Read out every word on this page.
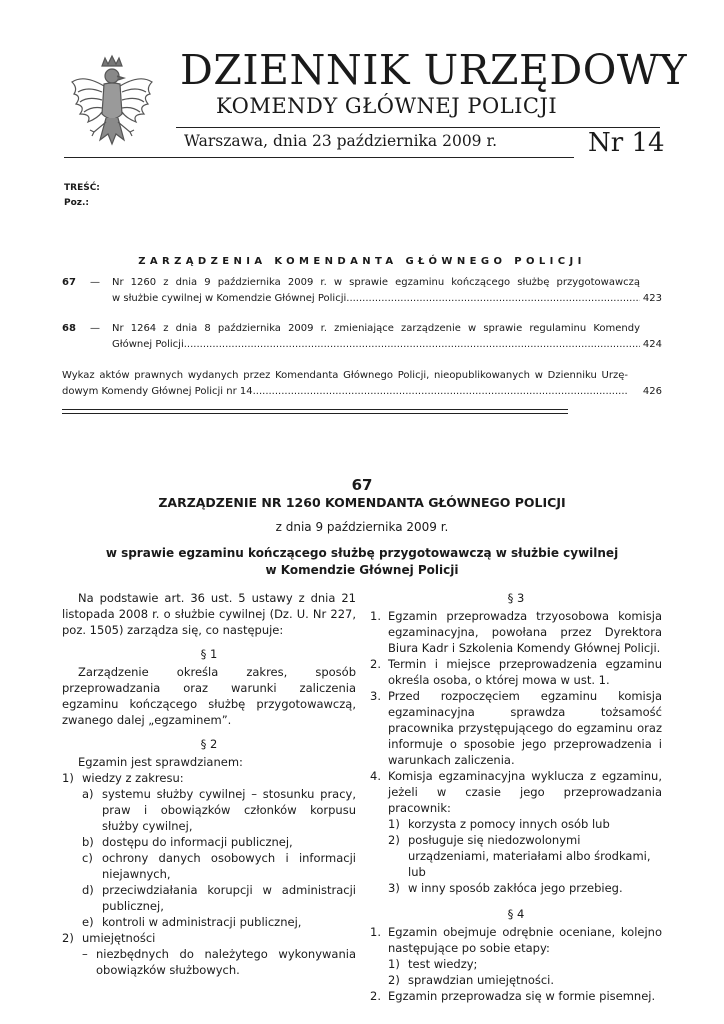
DZIENNIK URZĘDOWY
KOMENDY GŁÓWNEJ POLICJI
Warszawa, dnia 23 października 2009 r.	Nr 14
TREŚĆ:
Poz.:
ZARZĄDZENIA KOMENDANTA GŁÓWNEGO POLICJI
67 — Nr 1260 z dnia 9 października 2009 r. w sprawie egzaminu kończącego służbę przygotowawczą
w służbie cywilnej w Komendzie Głównej Policji .....	423
68 — Nr 1264 z dnia 8 października 2009 r. zmieniające zarządzenie w sprawie regulaminu Komendy
Głównej Policji .....	424
Wykaz aktów prawnych wydanych przez Komendanta Głównego Policji, nieopublikowanych w Dzienniku Urzę-
dowym Komendy Głównej Policji nr 14 .....	426
67
ZARZĄDZENIE NR 1260 KOMENDANTA GŁÓWNEGO POLICJI
z dnia 9 października 2009 r.
w sprawie egzaminu kończącego służbę przygotowawczą w służbie cywilnej
w Komendzie Głównej Policji

Na podstawie art. 36 ust. 5 ustawy z dnia 21 listopada 2008 r. o służbie cywilnej (Dz. U. Nr 227, poz. 1505) zarządza się, co następuje:

§ 1

Zarządzenie określa zakres, sposób przeprowadzania oraz warunki zaliczenia egzaminu kończącego służbę przygotowawczą, zwanego dalej „egzaminem”.

§ 2

Egzamin jest sprawdzianem:

1) wiedzy z zakresu:
a) systemu służby cywilnej – stosunku pracy, praw i obowiązków członków korpusu służby cywilnej,
b) dostępu do informacji publicznej,
c) ochrony danych osobowych i informacji niejawnych,
d) przeciwdziałania korupcji w administracji publicznej,
e) kontroli w administracji publicznej,
2) umiejętności
– niezbędnych do należytego wykonywania obowiązków służbowych.

§ 3

1. Egzamin przeprowadza trzyosobowa komisja egzaminacyjna, powołana przez Dyrektora Biura Kadr i Szkolenia Komendy Głównej Policji.
2. Termin i miejsce przeprowadzenia egzaminu określa osoba, o której mowa w ust. 1.
3. Przed rozpoczęciem egzaminu komisja egzaminacyjna sprawdza tożsamość pracownika przystępującego do egzaminu oraz informuje o sposobie jego przeprowadzenia i warunkach zaliczenia.
4. Komisja egzaminacyjna wyklucza z egzaminu, jeżeli w czasie jego przeprowadzania pracownik:
1) korzysta z pomocy innych osób lub
2) posługuje się niedozwolonymi urządzeniami, materiałami albo środkami, lub
3) w inny sposób zakłóca jego przebieg.

§ 4

1. Egzamin obejmuje odrębnie oceniane, kolejno następujące po sobie etapy:
1) test wiedzy;
2) sprawdzian umiejętności.
2. Egzamin przeprowadza się w formie pisemnej.
